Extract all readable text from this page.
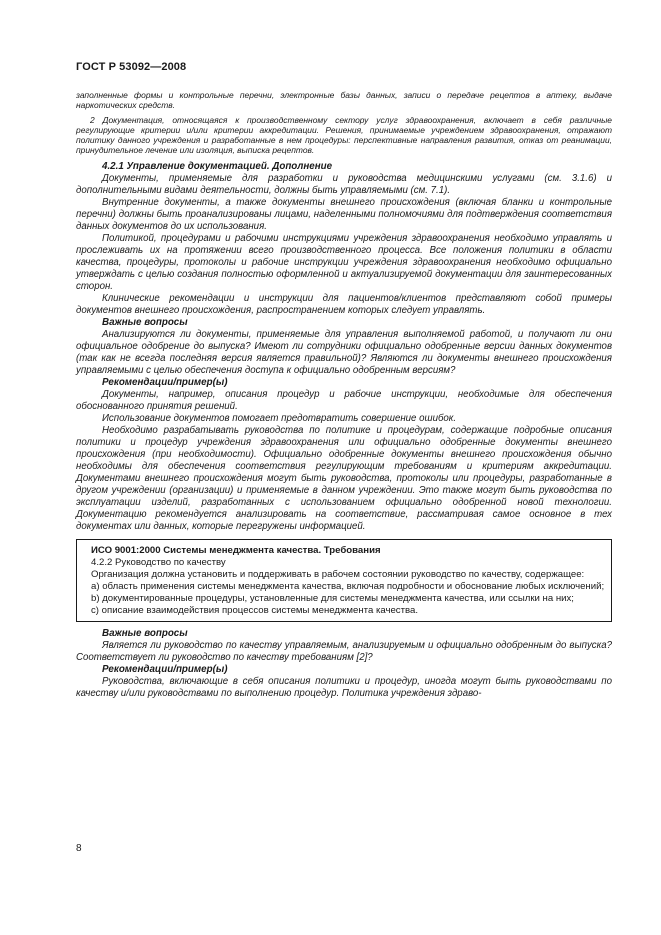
ГОСТ Р 53092—2008

заполненные формы и контрольные перечни, электронные базы данных, записи о передаче рецептов в аптеку, выдаче наркотических средств.

2 Документация, относящаяся к производственному сектору услуг здравоохранения, включает в себя различные регулирующие критерии и/или критерии аккредитации. Решения, принимаемые учреждением здравоохранения, отражают политику данного учреждения и разработанные в нем процедуры: перспективные направления развития, отказ от реанимации, принудительное лечение или изоляция, выписка рецептов.

4.2.1 Управление документацией. Дополнение

Документы, применяемые для разработки и руководства медицинскими услугами (см. 3.1.6) и дополнительными видами деятельности, должны быть управляемыми (см. 7.1).

Внутренние документы, а также документы внешнего происхождения (включая бланки и контрольные перечни) должны быть проанализированы лицами, наделенными полномочиями для подтверждения соответствия данных документов до их использования.

Политикой, процедурами и рабочими инструкциями учреждения здравоохранения необходимо управлять и прослеживать их на протяжении всего производственного процесса. Все положения политики в области качества, процедуры, протоколы и рабочие инструкции учреждения здравоохранения необходимо официально утверждать с целью создания полностью оформленной и актуализируемой документации для заинтересованных сторон.

Клинические рекомендации и инструкции для пациентов/клиентов представляют собой примеры документов внешнего происхождения, распространением которых следует управлять.

Важные вопросы

Анализируются ли документы, применяемые для управления выполняемой работой, и получают ли они официальное одобрение до выпуска? Имеют ли сотрудники официально одобренные версии данных документов (так как не всегда последняя версия является правильной)? Являются ли документы внешнего происхождения управляемыми с целью обеспечения доступа к официально одобренным версиям?

Рекомендации/пример(ы)

Документы, например, описания процедур и рабочие инструкции, необходимые для обеспечения обоснованного принятия решений.

Использование документов помогает предотвратить совершение ошибок.

Необходимо разрабатывать руководства по политике и процедурам, содержащие подробные описания политики и процедур учреждения здравоохранения или официально одобренные документы внешнего происхождения (при необходимости). Официально одобренные документы внешнего происхождения обычно необходимы для обеспечения соответствия регулирующим требованиям и критериям аккредитации. Документами внешнего происхождения могут быть руководства, протоколы или процедуры, разработанные в другом учреждении (организации) и применяемые в данном учреждении. Это также могут быть руководства по эксплуатации изделий, разработанных с использованием официально одобренной новой технологии. Документацию рекомендуется анализировать на соответствие, рассматривая самое основное в тех документах или данных, которые перегружены информацией.

ИСО 9001:2000 Системы менеджмента качества. Требования

4.2.2 Руководство по качеству

Организация должна установить и поддерживать в рабочем состоянии руководство по качеству, содержащее:

а) область применения системы менеджмента качества, включая подробности и обоснование любых исключений;

b) документированные процедуры, установленные для системы менеджмента качества, или ссылки на них;

с) описание взаимодействия процессов системы менеджмента качества.

Важные вопросы

Является ли руководство по качеству управляемым, анализируемым и официально одобренным до выпуска? Соответствует ли руководство по качеству требованиям [2]?

Рекомендации/пример(ы)

Руководства, включающие в себя описания политики и процедур, иногда могут быть руководствами по качеству и/или руководствами по выполнению процедур. Политика учреждения здраво-

8
